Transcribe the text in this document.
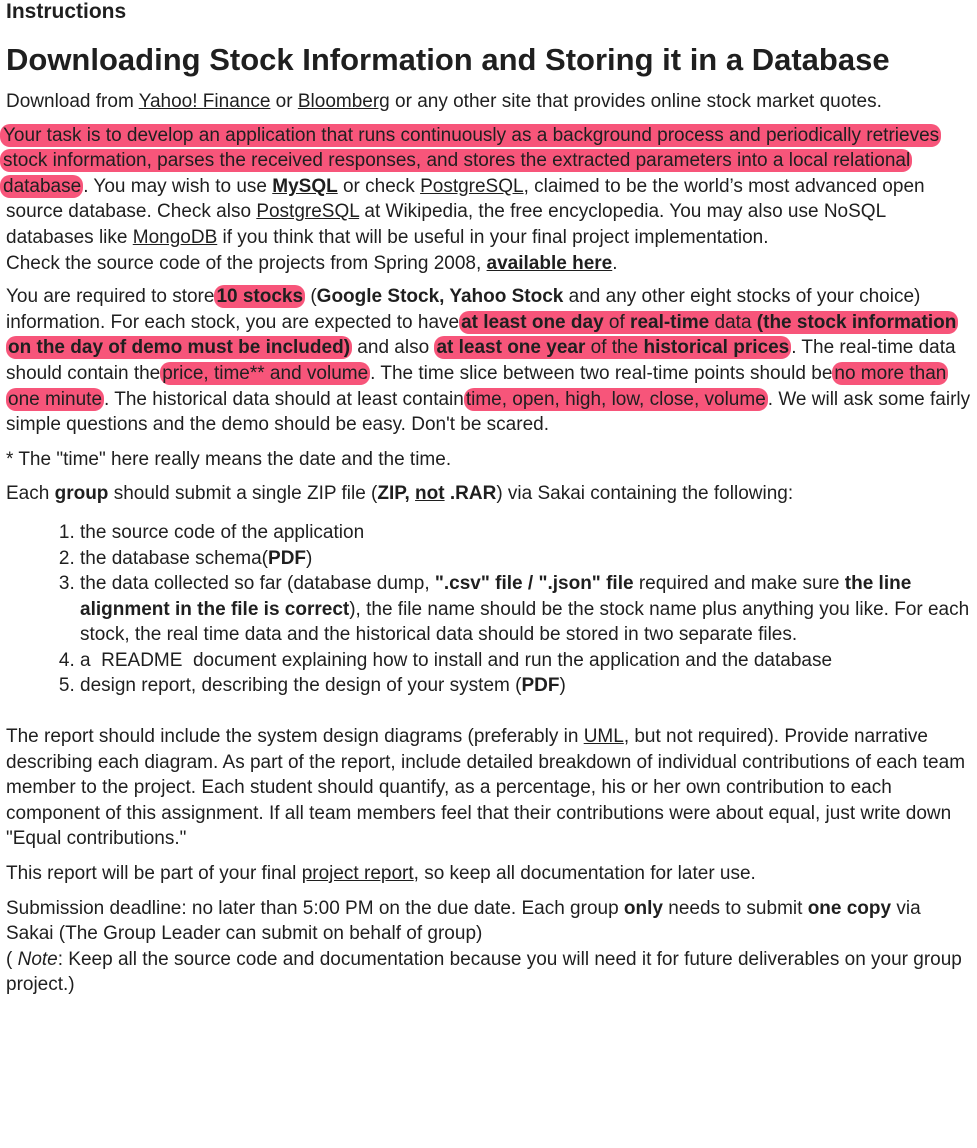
Instructions
Downloading Stock Information and Storing it in a Database

Download from Yahoo! Finance or Bloomberg or any other site that provides online stock market quotes.

Your task is to develop an application that runs continuously as a background process and periodically retrieves stock information, parses the received responses, and stores the extracted parameters into a local relational database . You may wish to use MySQL or check PostgreSQL, claimed to be the world’s most advanced open source database. Check also PostgreSQL at Wikipedia, the free encyclopedia. You may also use NoSQL databases like MongoDB if you think that will be useful in your final project implementation.
Check the source code of the projects from Spring 2008, available here.

You are required to store 10 stocks (Google Stock, Yahoo Stock and any other eight stocks of your choice) information. For each stock, you are expected to have at least one day of real-time data (the stock information on the day of demo must be included) and also at least one year of the historical prices . The real-time data should contain the price, time** and volume . The time slice between two real-time points should be no more than one minute . The historical data should at least contain time, open, high, low, close, volume . We will ask some fairly simple questions and the demo should be easy. Don't be scared.

* The "time" here really means the date and the time.

Each group should submit a single ZIP file (ZIP, not .RAR) via Sakai containing the following:

1. the source code of the application
2. the database schema(PDF)
3. the data collected so far (database dump, ".csv" file / ".json" file required and make sure the line alignment in the file is correct), the file name should be the stock name plus anything you like. For each stock, the real time data and the historical data should be stored in two separate files.
4. a  README  document explaining how to install and run the application and the database
5. design report, describing the design of your system (PDF)

The report should include the system design diagrams (preferably in UML, but not required). Provide narrative describing each diagram. As part of the report, include detailed breakdown of individual contributions of each team member to the project. Each student should quantify, as a percentage, his or her own contribution to each component of this assignment. If all team members feel that their contributions were about equal, just write down "Equal contributions."

This report will be part of your final project report, so keep all documentation for later use.

Submission deadline: no later than 5:00 PM on the due date. Each group only needs to submit one copy via Sakai (The Group Leader can submit on behalf of group)
( Note: Keep all the source code and documentation because you will need it for future deliverables on your group project.)
